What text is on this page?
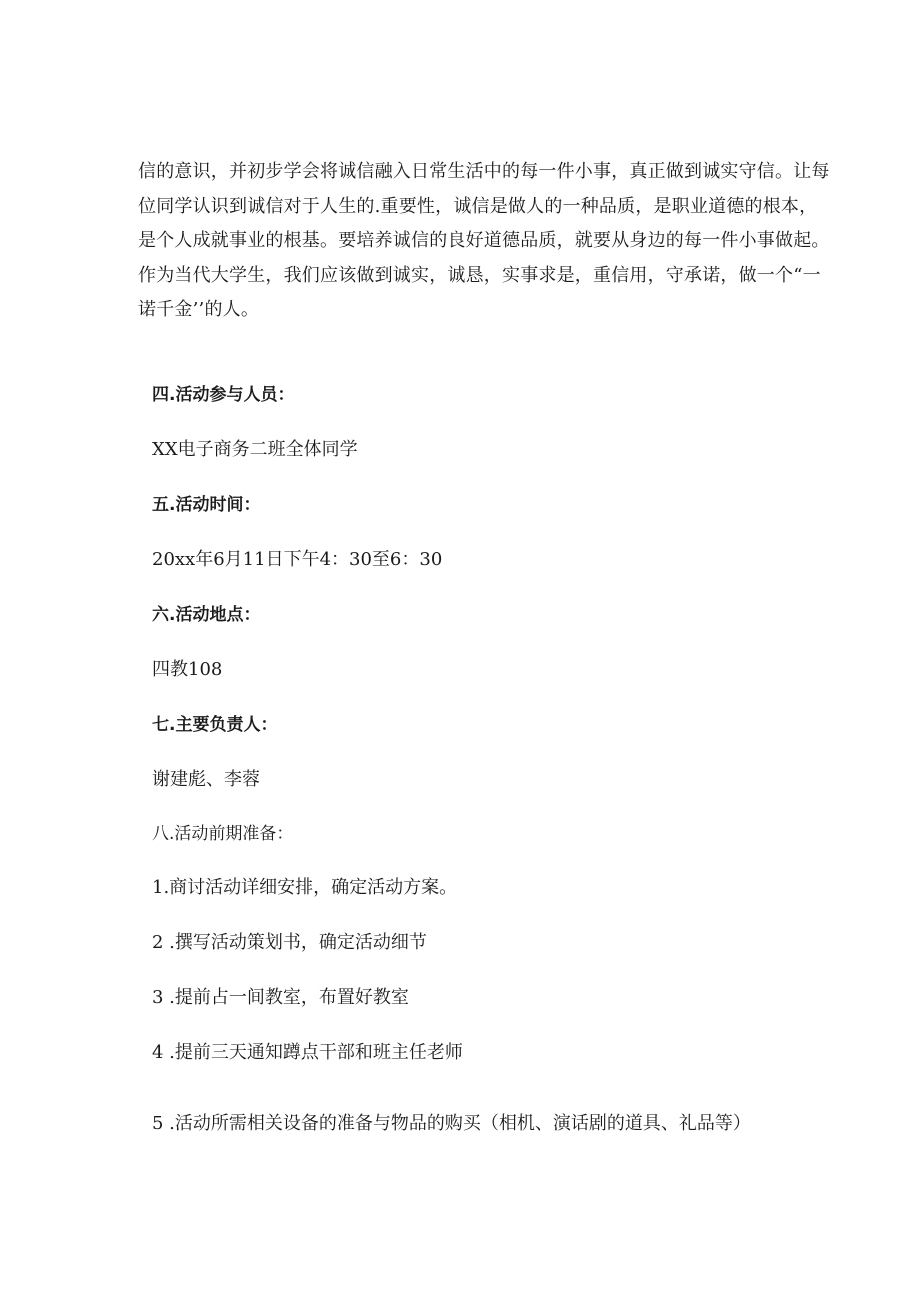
信的意识，并初步学会将诚信融入日常生活中的每一件小事，真正做到诚实守信。让每
位同学认识到诚信对于人生的.重要性，诚信是做人的一种品质，是职业道德的根本，
是个人成就事业的根基。要培养诚信的良好道德品质，就要从身边的每一件小事做起。
作为当代大学生，我们应该做到诚实，诚恳，实事求是，重信用，守承诺，做一个“一
诺千金’’的人。

四.活动参与人员：

XX电子商务二班全体同学

五.活动时间：

20xx年6月11日下午4：30至6：30

六.活动地点：

四教108

七.主要负责人：

谢建彪、李蓉

八.活动前期准备：

1.商讨活动详细安排，确定活动方案。

2 .撰写活动策划书，确定活动细节

3 .提前占一间教室，布置好教室

4 .提前三天通知蹲点干部和班主任老师

5 .活动所需相关设备的准备与物品的购买（相机、演话剧的道具、礼品等）
